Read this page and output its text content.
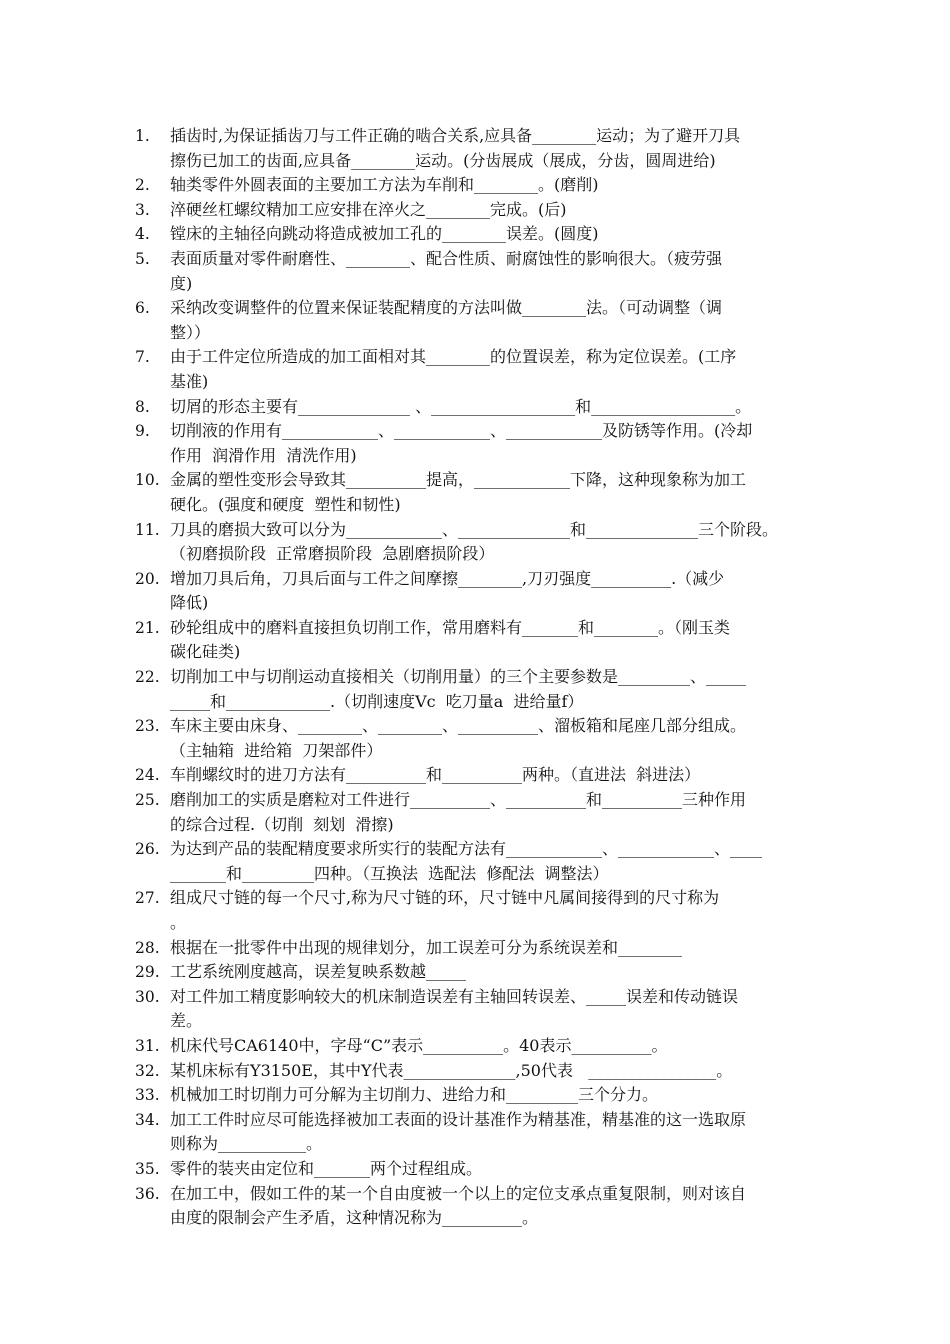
1. 插齿时,为保证插齿刀与工件正确的啮合关系,应具备________运动；为了避开刀具
擦伤已加工的齿面,应具备________运动。(分齿展成（展成，分齿，圆周进给)
2. 轴类零件外圆表面的主要加工方法为车削和________。(磨削)
3. 淬硬丝杠螺纹精加工应安排在淬火之________完成。(后)
4. 镗床的主轴径向跳动将造成被加工孔的________误差。(圆度)
5. 表面质量对零件耐磨性、________、配合性质、耐腐蚀性的影响很大。（疲劳强
度)
6. 采纳改变调整件的位置来保证装配精度的方法叫做________法。（可动调整（调
整））
7. 由于工件定位所造成的加工面相对其________的位置误差，称为定位误差。(工序
基准)
8. 切屑的形态主要有______________ 、__________________和__________________。
9. 切削液的作用有____________、____________、____________及防锈等作用。(冷却
作用  润滑作用  清洗作用)
10. 金属的塑性变形会导致其__________提高，____________下降，这种现象称为加工
硬化。(强度和硬度  塑性和韧性)
11. 刀具的磨损大致可以分为____________、______________和______________三个阶段。
（初磨损阶段  正常磨损阶段  急剧磨损阶段）
20. 增加刀具后角，刀具后面与工件之间摩擦________,刀刃强度__________.（减少
降低)
21. 砂轮组成中的磨料直接担负切削工作，常用磨料有_______和________。（刚玉类
碳化硅类)
22. 切削加工中与切削运动直接相关（切削用量）的三个主要参数是_________、_____
_____和_____________.（切削速度Vc  吃刀量a  进给量f）
23. 车床主要由床身、________、________、__________、溜板箱和尾座几部分组成。
（主轴箱  进给箱  刀架部件）
24. 车削螺纹时的进刀方法有__________和__________两种。（直进法  斜进法）
25. 磨削加工的实质是磨粒对工件进行__________、__________和__________三种作用
的综合过程.（切削  刻划  滑擦)
26. 为达到产品的装配精度要求所实行的装配方法有____________、____________、____
_______和_________四种。（互换法  选配法  修配法  调整法）
27. 组成尺寸链的每一个尺寸,称为尺寸链的环，尺寸链中凡属间接得到的尺寸称为
。
28. 根据在一批零件中出现的规律划分，加工误差可分为系统误差和________
29. 工艺系统刚度越高，误差复映系数越_____
30. 对工件加工精度影响较大的机床制造误差有主轴回转误差、_____误差和传动链误
差。
31. 机床代号CA6140中，字母“C”表示__________。40表示__________。
32. 某机床标有Y3150E，其中Y代表______________,50代表   ________________。
33. 机械加工时切削力可分解为主切削力、进给力和_________三个分力。
34. 加工工件时应尽可能选择被加工表面的设计基准作为精基准，精基准的这一选取原
则称为___________。
35. 零件的装夹由定位和_______两个过程组成。
36. 在加工中，假如工件的某一个自由度被一个以上的定位支承点重复限制，则对该自
由度的限制会产生矛盾，这种情况称为__________。
